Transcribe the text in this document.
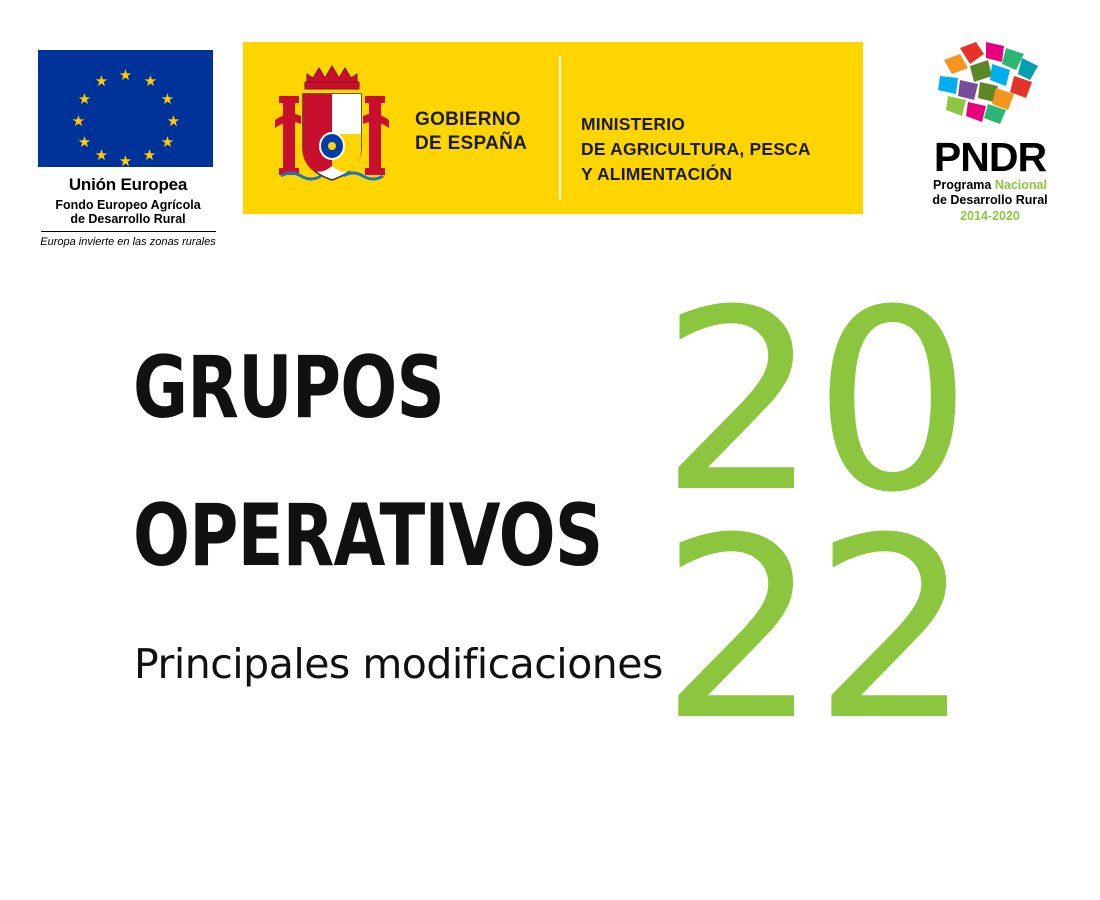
★ ★
★
★
★
★
★
★
★
★
★
★
Unión Europea
Fondo Europeo Agrícola
de Desarrollo Rural
Europa invierte en las zonas rurales
GOBIERNO
DE ESPAÑA
MINISTERIO
DE AGRICULTURA, PESCA
Y ALIMENTACIÓN	PNDR
Programa Nacional
de Desarrollo Rural
2014-2020
GRUPOS
OPERATIVOS
Principales modificaciones
20
22
